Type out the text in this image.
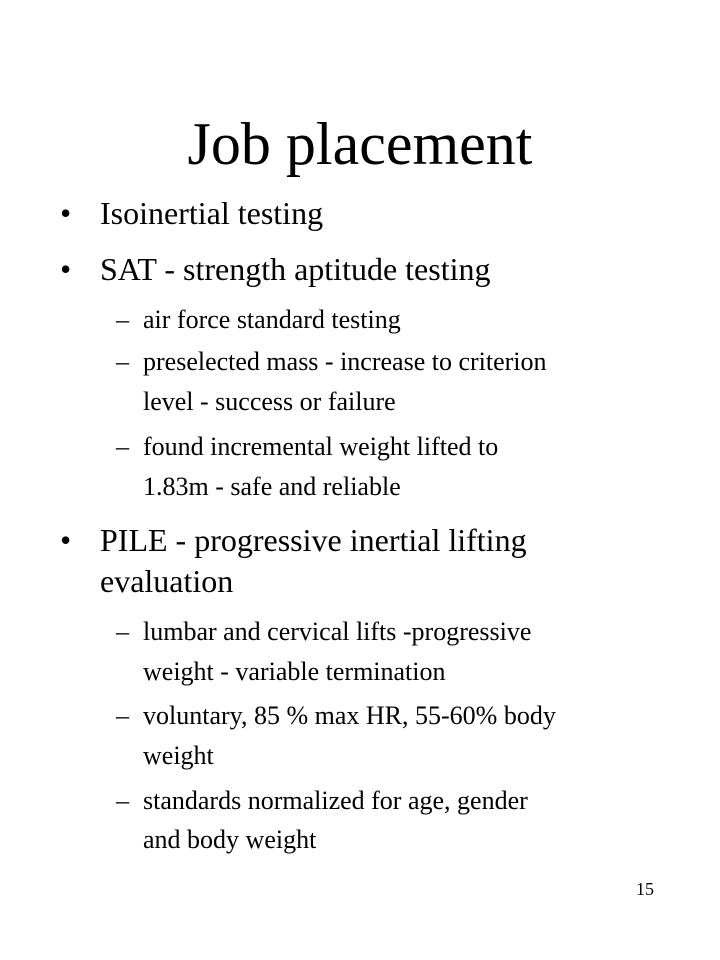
Job placement
• Isoinertial testing
• SAT - strength aptitude testing
– air force standard testing
– preselected mass - increase to criterion
level - success or failure
– found incremental weight lifted to
1.83m - safe and reliable
• PILE - progressive inertial lifting
evaluation
– lumbar and cervical lifts -progressive
weight - variable termination
– voluntary, 85 % max HR, 55-60% body
weight
– standards normalized for age, gender
and body weight
15
